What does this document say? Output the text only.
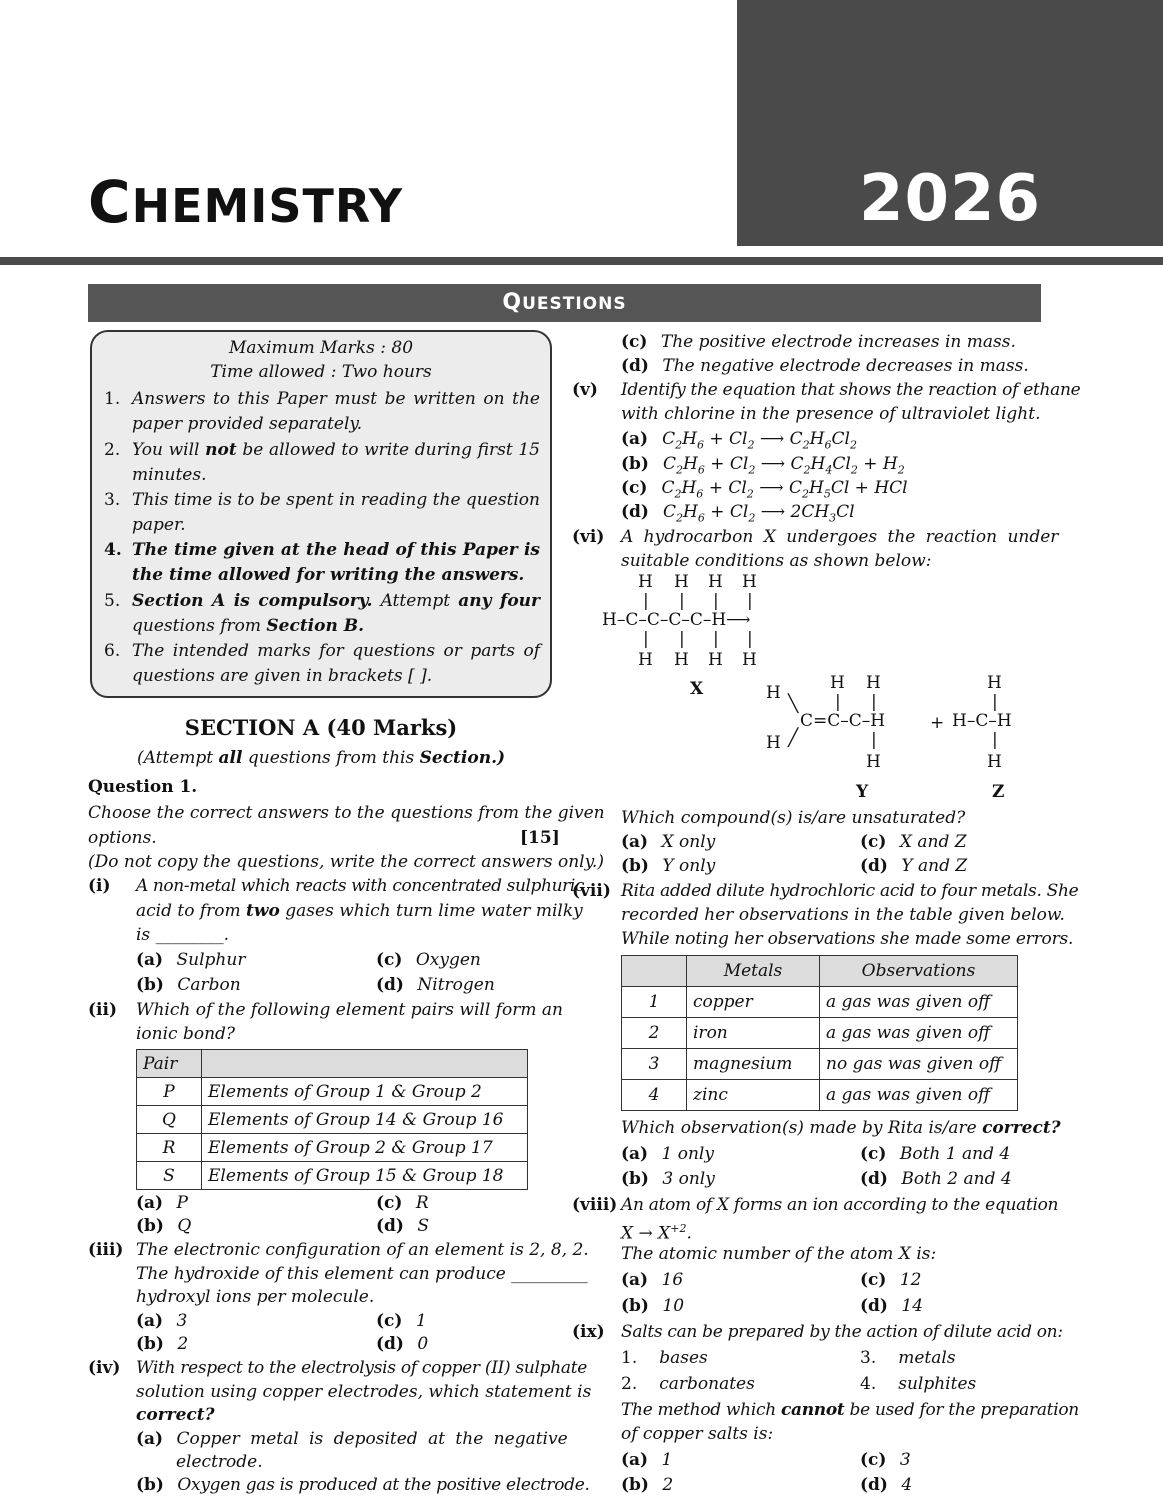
2026
CHEMISTRY
QUESTIONS
Maximum Marks : 80
Time allowed : Two hours
1. Answers to this Paper must be written on the paper provided separately.
2. You will not be allowed to write during first 15 minutes.
3. This time is to be spent in reading the question paper.
4. The time given at the head of this Paper is the time allowed for writing the answers.
5. Section A is compulsory. Attempt any four questions from Section B.
6. The intended marks for questions or parts of questions are given in brackets [ ].
SECTION A (40 Marks)
(Attempt all questions from this Section.)
Question 1.
Choose the correct answers to the questions from the given
options.	[15]
(Do not copy the questions, write the correct answers only.)
(i) A non-metal which reacts with concentrated sulphuric
acid to from two gases which turn lime water milky
is ________.
(a) Sulphur	(c) Oxygen
(b) Carbon	(d) Nitrogen
(ii) Which of the following element pairs will form an
ionic bond?
Pair	
P	Elements of Group 1 & Group 2
Q	Elements of Group 14 & Group 16
R	Elements of Group 2 & Group 17
S	Elements of Group 15 & Group 18
(a) P	(c) R
(b) Q	(d) S
(iii) The electronic configuration of an element is 2, 8, 2.
The hydroxide of this element can produce _________
hydroxyl ions per molecule.
(a) 3	(c) 1
(b) 2	(d) 0
(iv) With respect to the electrolysis of copper (II) sulphate
solution using copper electrodes, which statement is
correct?
(a) Copper metal is deposited at the negative
electrode.
(b) Oxygen gas is produced at the positive electrode.
(c) The positive electrode increases in mass.
(d) The negative electrode decreases in mass.
(v) Identify the equation that shows the reaction of ethane
with chlorine in the presence of ultraviolet light.
(a) $C_2H_6 + Cl_2$ ⟶ $C_2H_6Cl_2$
(b) $C_2H_6 + Cl_2$ ⟶ $C_2H_4Cl_2 + H_2$
(c) $C_2H_6 + Cl_2$ ⟶ $C_2H_5Cl$ + HCl
(d) $C_2H_6 + Cl_2$ ⟶ $2CH_3Cl$
(vi) A hydrocarbon X undergoes the reaction under
suitable conditions as shown below:
H H H H
| | | |
H–C–C–C–C–H⟶
| | | |
H H H H
X	H	H H
| |
╲
C=C–C–H
╱
H	|
H
+
H
|
H–C–H
|
H
Y	Z
Which compound(s) is/are unsaturated?
(a) X only	(c) X and Z
(b) Y only	(d) Y and Z
(vii) Rita added dilute hydrochloric acid to four metals. She
recorded her observations in the table given below.
While noting her observations she made some errors.
	Metals	Observations
1	copper	a gas was given off
2	iron	a gas was given off
3	magnesium	no gas was given off
4	zinc	a gas was given off
Which observation(s) made by Rita is/are correct?
(a) 1 only	(c) Both 1 and 4
(b) 3 only	(d) Both 2 and 4
(viii) An atom of X forms an ion according to the equation
$X \to X^{+2}$.
The atomic number of the atom X is:
(a) 16	(c) 12
(b) 10	(d) 14
(ix) Salts can be prepared by the action of dilute acid on:
1. bases	3. metals
2. carbonates	4. sulphites
The method which cannot be used for the preparation
of copper salts is:
(a) 1	(c) 3
(b) 2	(d) 4
